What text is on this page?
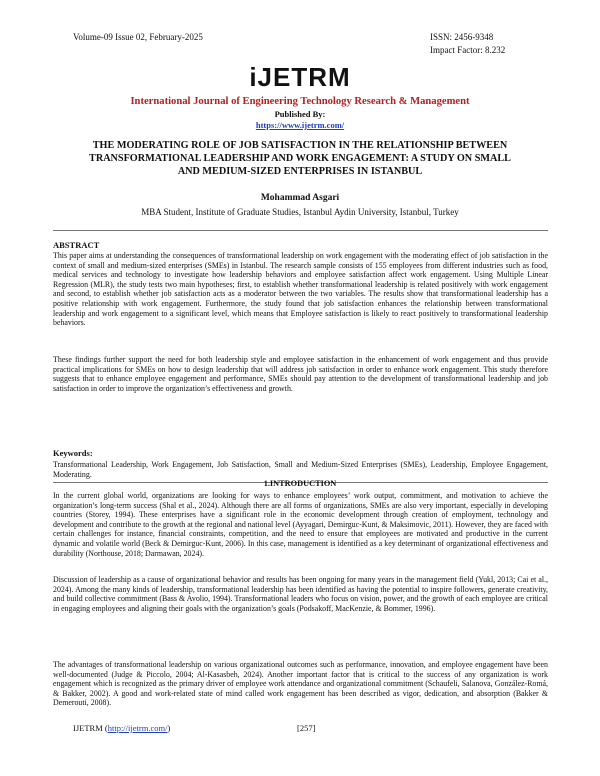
Volume-09 Issue 02, February-2025	ISSN: 2456-9348
Impact Factor: 8.232
iJETRM
International Journal of Engineering Technology Research & Management
Published By:
https://www.ijetrm.com/
THE MODERATING ROLE OF JOB SATISFACTION IN THE RELATIONSHIP BETWEEN TRANSFORMATIONAL LEADERSHIP AND WORK ENGAGEMENT: A STUDY ON SMALL AND MEDIUM-SIZED ENTERPRISES IN ISTANBUL
Mohammad Asgari
MBA Student, Institute of Graduate Studies, Istanbul Aydin University, Istanbul, Turkey
ABSTRACT
This paper aims at understanding the consequences of transformational leadership on work engagement with the moderating effect of job satisfaction in the context of small and medium-sized enterprises (SMEs) in Istanbul. The research sample consists of 155 employees from different industries such as food, medical services and technology to investigate how leadership behaviors and employee satisfaction affect work engagement. Using Multiple Linear Regression (MLR), the study tests two main hypotheses; first, to establish whether transformational leadership is related positively with work engagement and second, to establish whether job satisfaction acts as a moderator between the two variables. The results show that transformational leadership has a positive relationship with work engagement. Furthermore, the study found that job satisfaction enhances the relationship between transformational leadership and work engagement to a significant level, which means that Employee satisfaction is likely to react positively to transformational leadership behaviors.
These findings further support the need for both leadership style and employee satisfaction in the enhancement of work engagement and thus provide practical implications for SMEs on how to design leadership that will address job satisfaction in order to enhance work engagement. This study therefore suggests that to enhance employee engagement and performance, SMEs should pay attention to the development of transformational leadership and job satisfaction in order to improve the organization’s effectiveness and growth.
Keywords:
Transformational Leadership, Work Engagement, Job Satisfaction, Small and Medium-Sized Enterprises (SMEs), Leadership, Employee Engagement, Moderating.
1.INTRODUCTION
In the current global world, organizations are looking for ways to enhance employees’ work output, commitment, and motivation to achieve the organization’s long-term success (Shal et al., 2024). Although there are all forms of organizations, SMEs are also very important, especially in developing countries (Storey, 1994). These enterprises have a significant role in the economic development through creation of employment, technology and development and contribute to the growth at the regional and national level (Ayyagari, Demirguc-Kunt, & Maksimovic, 2011). However, they are faced with certain challenges for instance, financial constraints, competition, and the need to ensure that employees are motivated and productive in the current dynamic and volatile world (Beck & Demirguc-Kunt, 2006). In this case, management is identified as a key determinant of organizational effectiveness and durability (Northouse, 2018; Darmawan, 2024).
Discussion of leadership as a cause of organizational behavior and results has been ongoing for many years in the management field (Yukl, 2013; Cai et al., 2024). Among the many kinds of leadership, transformational leadership has been identified as having the potential to inspire followers, generate creativity, and build collective commitment (Bass & Avolio, 1994). Transformational leaders who focus on vision, power, and the growth of each employee are critical in engaging employees and aligning their goals with the organization’s goals (Podsakoff, MacKenzie, & Bommer, 1996).
The advantages of transformational leadership on various organizational outcomes such as performance, innovation, and employee engagement have been well-documented (Judge & Piccolo, 2004; Al-Kasasbeh, 2024). Another important factor that is critical to the success of any organization is work engagement which is recognized as the primary driver of employee work attendance and organizational commitment (Schaufeli, Salanova, González-Romá, & Bakker, 2002). A good and work-related state of mind called work engagement has been described as vigor, dedication, and absorption (Bakker & Demerouti, 2008).
IJETRM (http://ijetrm.com/)	[257]
